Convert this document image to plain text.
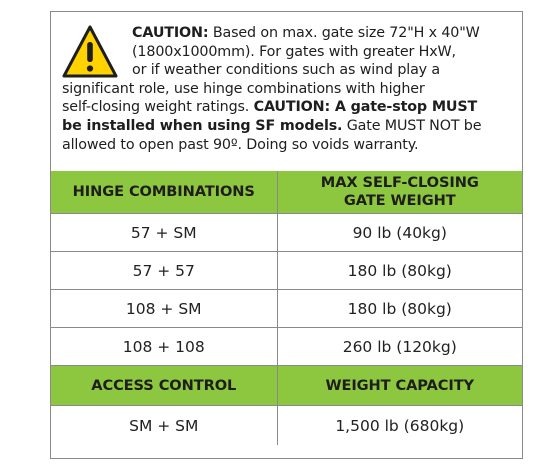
CAUTION: Based on max. gate size 72"H x 40"W
(1800x1000mm). For gates with greater HxW,
or if weather conditions such as wind play a
significant role, use hinge combinations with higher
self-closing weight ratings. CAUTION: A gate-stop MUST
be installed when using SF models. Gate MUST NOT be
allowed to open past 90º. Doing so voids warranty.
HINGE COMBINATIONS	MAX SELF-CLOSING
GATE WEIGHT
57 + SM	90 lb (40kg)
57 + 57	180 lb (80kg)
108 + SM	180 lb (80kg)
108 + 108	260 lb (120kg)
ACCESS CONTROL	WEIGHT CAPACITY
SM + SM	1,500 lb (680kg)
